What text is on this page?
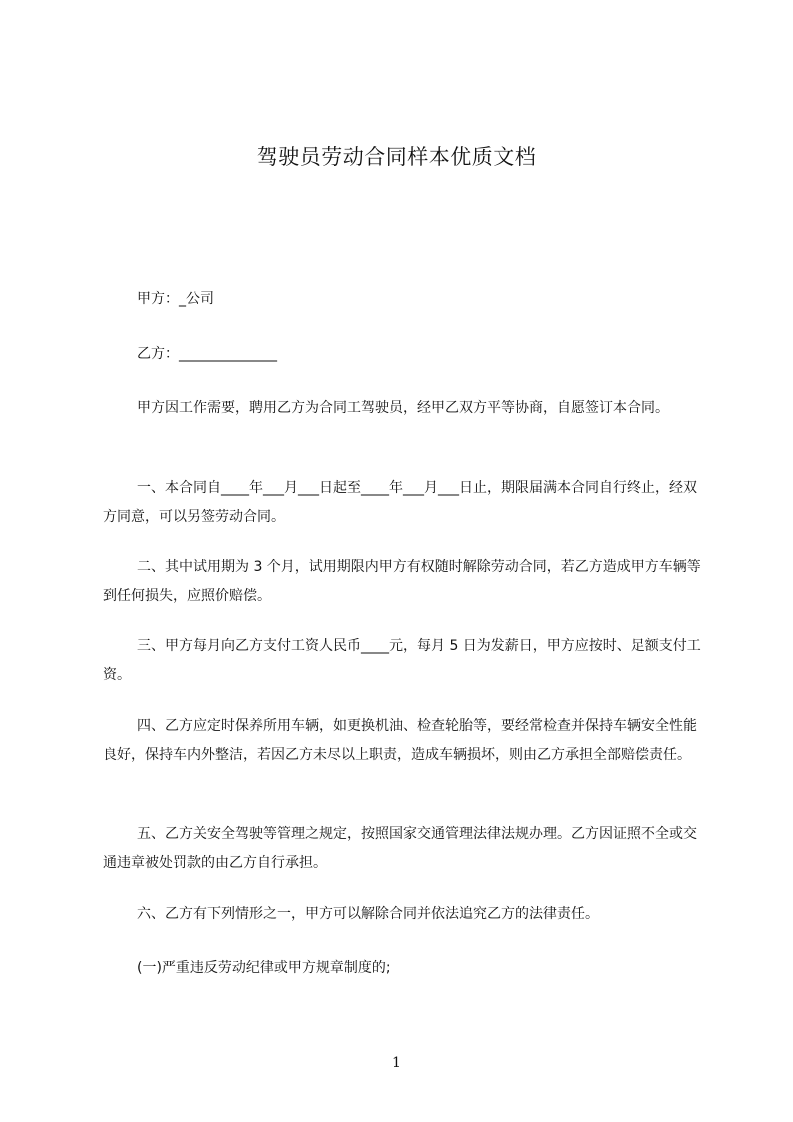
驾驶员劳动合同样本优质文档
甲方：_公司
乙方：______________
甲方因工作需要，聘用乙方为合同工驾驶员，经甲乙双方平等协商，自愿签订本合同。
一、本合同自____年___月___日起至____年___月___日止，期限届满本合同自行终止，经双方同意，可以另签劳动合同。
二、其中试用期为 3 个月，试用期限内甲方有权随时解除劳动合同，若乙方造成甲方车辆等到任何损失，应照价赔偿。
三、甲方每月向乙方支付工资人民币____元，每月 5 日为发薪日，甲方应按时、足额支付工资。
四、乙方应定时保养所用车辆，如更换机油、检查轮胎等，要经常检查并保持车辆安全性能良好，保持车内外整洁，若因乙方未尽以上职责，造成车辆损坏，则由乙方承担全部赔偿责任。
五、乙方关安全驾驶等管理之规定，按照国家交通管理法律法规办理。乙方因证照不全或交通违章被处罚款的由乙方自行承担。
六、乙方有下列情形之一，甲方可以解除合同并依法追究乙方的法律责任。
(一)严重违反劳动纪律或甲方规章制度的;
1
